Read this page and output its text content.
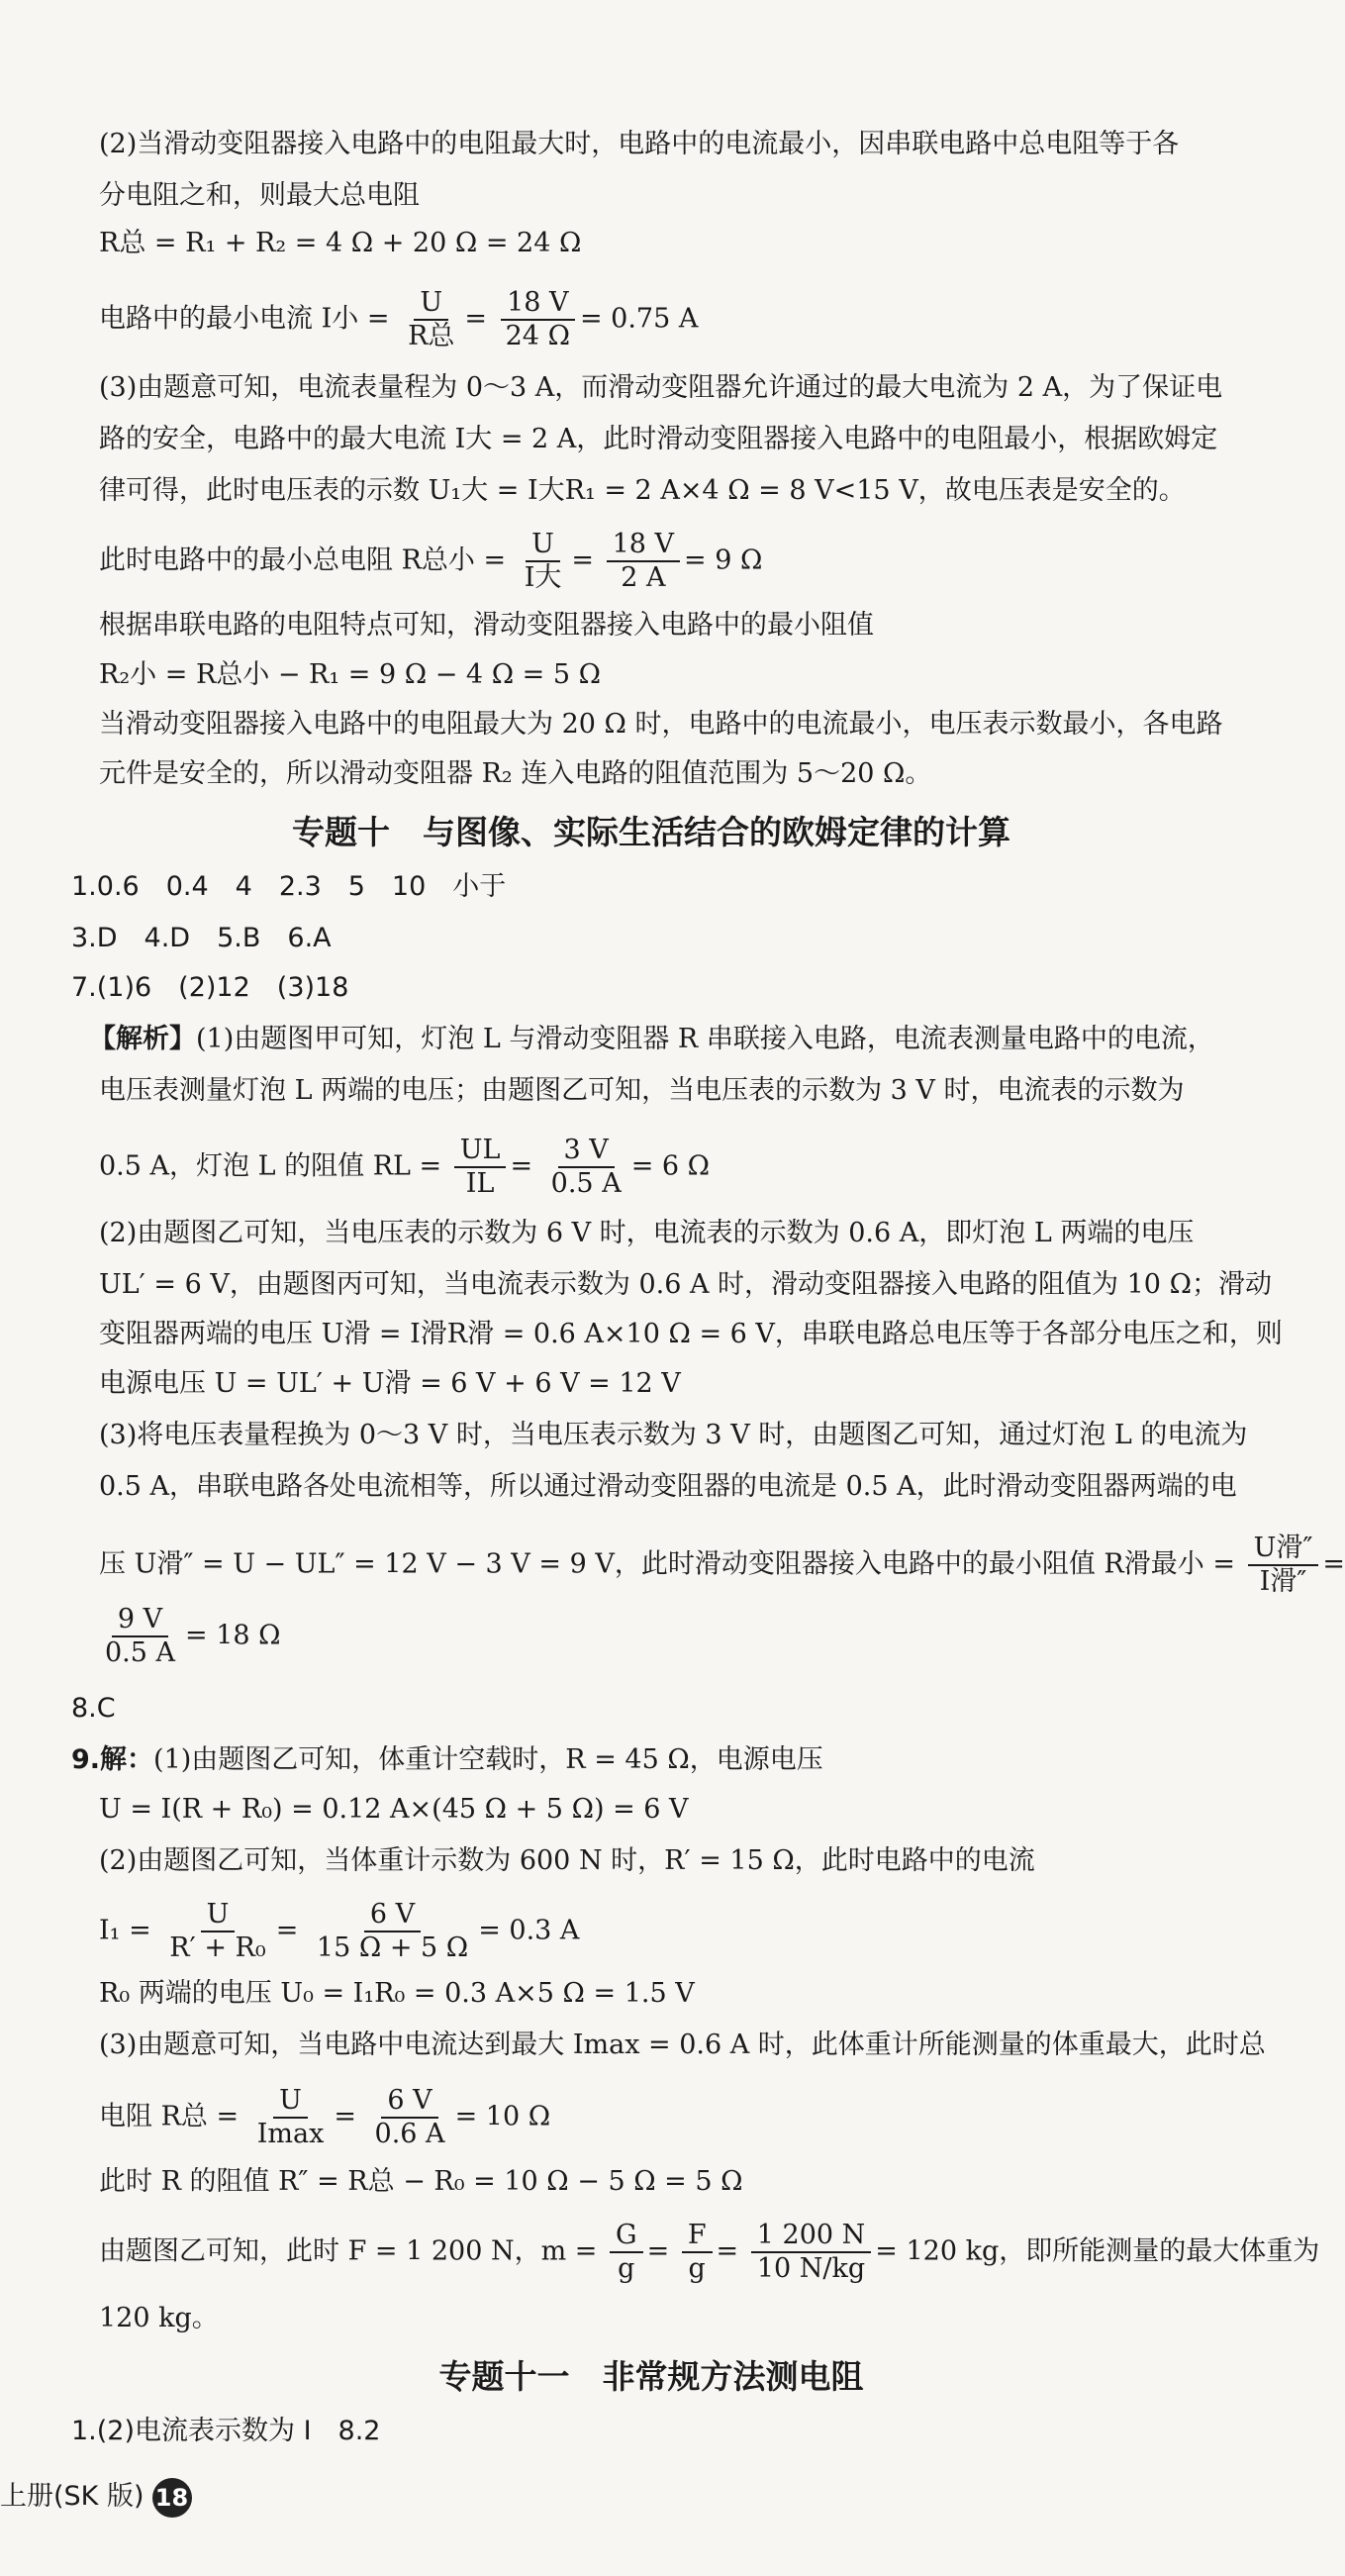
(2)当滑动变阻器接入电路中的电阻最大时，电路中的电流最小，因串联电路中总电阻等于各
分电阻之和，则最大总电阻
R总 = R₁ + R₂ = 4 Ω + 20 Ω = 24 Ω
电路中的最小电流 I小 =
U
R总
= $\frac{18 V}{24 \Omega} = 0.75$ A
(3)由题意可知，电流表量程为 0～3 A，而滑动变阻器允许通过的最大电流为 2 A，为了保证电
路的安全，电路中的最大电流 I大 = 2 A，此时滑动变阻器接入电路中的电阻最小，根据欧姆定
律可得，此时电压表的示数 U₁大 = I大R₁ = 2 A×4 Ω = 8 V<15 V，故电压表是安全的。
此时电路中的最小总电阻 R总小 =
U
I大
= $\frac{18 V}{2 A} = 9$ Ω
根据串联电路的电阻特点可知，滑动变阻器接入电路中的最小阻值
R₂小 = R总小 − R₁ = 9 Ω − 4 Ω = 5 Ω
当滑动变阻器接入电路中的电阻最大为 20 Ω 时，电路中的电流最小，电压表示数最小，各电路
元件是安全的，所以滑动变阻器 R₂ 连入电路的阻值范围为 5～20 Ω。
专题十　与图像、实际生活结合的欧姆定律的计算
1.0.6　0.4　4　2.3　5　10　小于
3.D　4.D　5.B　6.A
7.(1)6　(2)12　(3)18
【解析】(1)由题图甲可知，灯泡 L 与滑动变阻器 R 串联接入电路，电流表测量电路中的电流，
电压表测量灯泡 L 两端的电压；由题图乙可知，当电压表的示数为 3 V 时，电流表的示数为
0.5 A，灯泡 L 的阻值 RL = $\frac{UL}{IL} = \frac{3 V}{0.5 A} = 6$ Ω
(2)由题图乙可知，当电压表的示数为 6 V 时，电流表的示数为 0.6 A，即灯泡 L 两端的电压
UL′ = 6 V，由题图丙可知，当电流表示数为 0.6 A 时，滑动变阻器接入电路的阻值为 10 Ω；滑动
变阻器两端的电压 U滑 = I滑R滑 = 0.6 A×10 Ω = 6 V，串联电路总电压等于各部分电压之和，则
电源电压 U = UL′ + U滑 = 6 V + 6 V = 12 V
(3)将电压表量程换为 0～3 V 时，当电压表示数为 3 V 时，由题图乙可知，通过灯泡 L 的电流为
0.5 A，串联电路各处电流相等，所以通过滑动变阻器的电流是 0.5 A，此时滑动变阻器两端的电
压 U滑″ = U − UL″ = 12 V − 3 V = 9 V，此时滑动变阻器接入电路中的最小阻值 R滑最小 =
U滑″
I滑″
=
$\frac{9 V}{0.5 A} = 18$ Ω
8.C
9.解：(1)由题图乙可知，体重计空载时，R = 45 Ω，电源电压
U = I(R + R₀) = 0.12 A×(45 Ω + 5 Ω) = 6 V
(2)由题图乙可知，当体重计示数为 600 N 时，R′ = 15 Ω，此时电路中的电流
$I_1 = \frac{U}{\text{R′ + R₀}} = \frac{6 V}{15 \Omega + 5 \Omega} = 0.3$ A
R₀ 两端的电压 U₀ = I₁R₀ = 0.3 A×5 Ω = 1.5 V
(3)由题意可知，当电路中电流达到最大 Imax = 0.6 A 时，此体重计所能测量的体重最大，此时总
电阻 R总 =
U
Imax
= $\frac{6 V}{0.6 A} = 10$ Ω
此时 R 的阻值 R″ = R总 − R₀ = 10 Ω − 5 Ω = 5 Ω
由题图乙可知，此时 F = 1 200 N，$m = \frac{G}{g} = \frac{F}{g} = \frac{1 200 N}{10 N/kg} = 120$ kg，即所能测量的最大体重为
120 kg。
专题十一　非常规方法测电阻
1.(2)电流表示数为 I　8.2
上册(SK 版) 18
